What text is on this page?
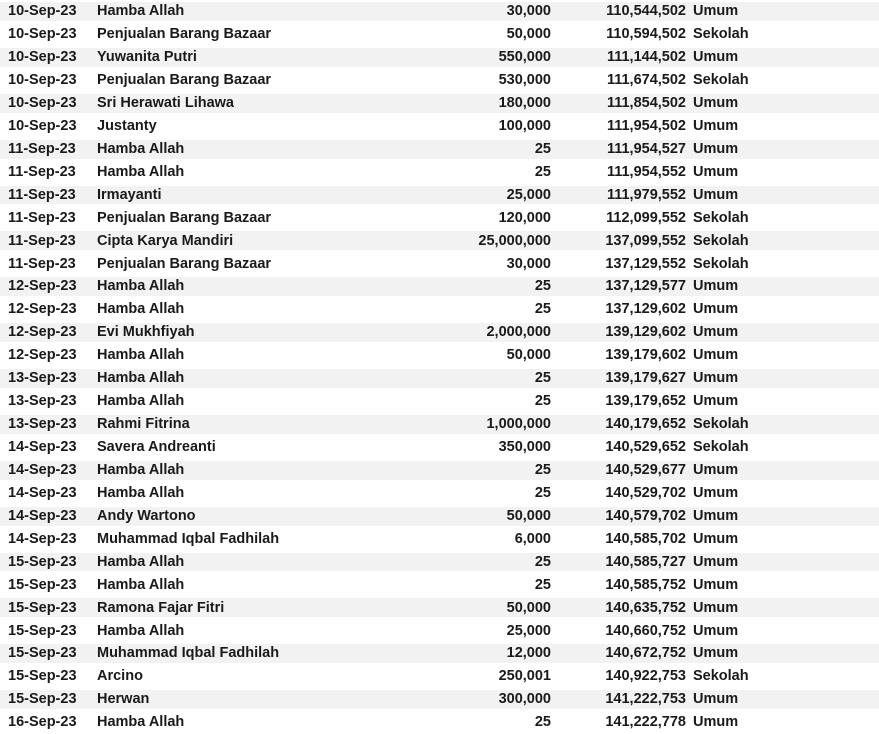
10-Sep-23	Hamba Allah	30,000	110,544,502 Umum
10-Sep-23	Penjualan Barang Bazaar	50,000	110,594,502 Sekolah
10-Sep-23	Yuwanita Putri	550,000	111,144,502 Umum
10-Sep-23	Penjualan Barang Bazaar	530,000	111,674,502 Sekolah
10-Sep-23	Sri Herawati Lihawa	180,000	111,854,502 Umum
10-Sep-23	Justanty	100,000	111,954,502 Umum
11-Sep-23	Hamba Allah	25	111,954,527 Umum
11-Sep-23	Hamba Allah	25	111,954,552 Umum
11-Sep-23	Irmayanti	25,000	111,979,552 Umum
11-Sep-23	Penjualan Barang Bazaar	120,000	112,099,552 Sekolah
11-Sep-23	Cipta Karya Mandiri	25,000,000	137,099,552 Sekolah
11-Sep-23	Penjualan Barang Bazaar	30,000	137,129,552 Sekolah
12-Sep-23	Hamba Allah	25	137,129,577 Umum
12-Sep-23	Hamba Allah	25	137,129,602 Umum
12-Sep-23	Evi Mukhfiyah	2,000,000	139,129,602 Umum
12-Sep-23	Hamba Allah	50,000	139,179,602 Umum
13-Sep-23	Hamba Allah	25	139,179,627 Umum
13-Sep-23	Hamba Allah	25	139,179,652 Umum
13-Sep-23	Rahmi Fitrina	1,000,000	140,179,652 Sekolah
14-Sep-23	Savera Andreanti	350,000	140,529,652 Sekolah
14-Sep-23	Hamba Allah	25	140,529,677 Umum
14-Sep-23	Hamba Allah	25	140,529,702 Umum
14-Sep-23	Andy Wartono	50,000	140,579,702 Umum
14-Sep-23	Muhammad Iqbal Fadhilah	6,000	140,585,702 Umum
15-Sep-23	Hamba Allah	25	140,585,727 Umum
15-Sep-23	Hamba Allah	25	140,585,752 Umum
15-Sep-23	Ramona Fajar Fitri	50,000	140,635,752 Umum
15-Sep-23	Hamba Allah	25,000	140,660,752 Umum
15-Sep-23	Muhammad Iqbal Fadhilah	12,000	140,672,752 Umum
15-Sep-23	Arcino	250,001	140,922,753 Sekolah
15-Sep-23	Herwan	300,000	141,222,753 Umum
16-Sep-23	Hamba Allah	25	141,222,778 Umum
